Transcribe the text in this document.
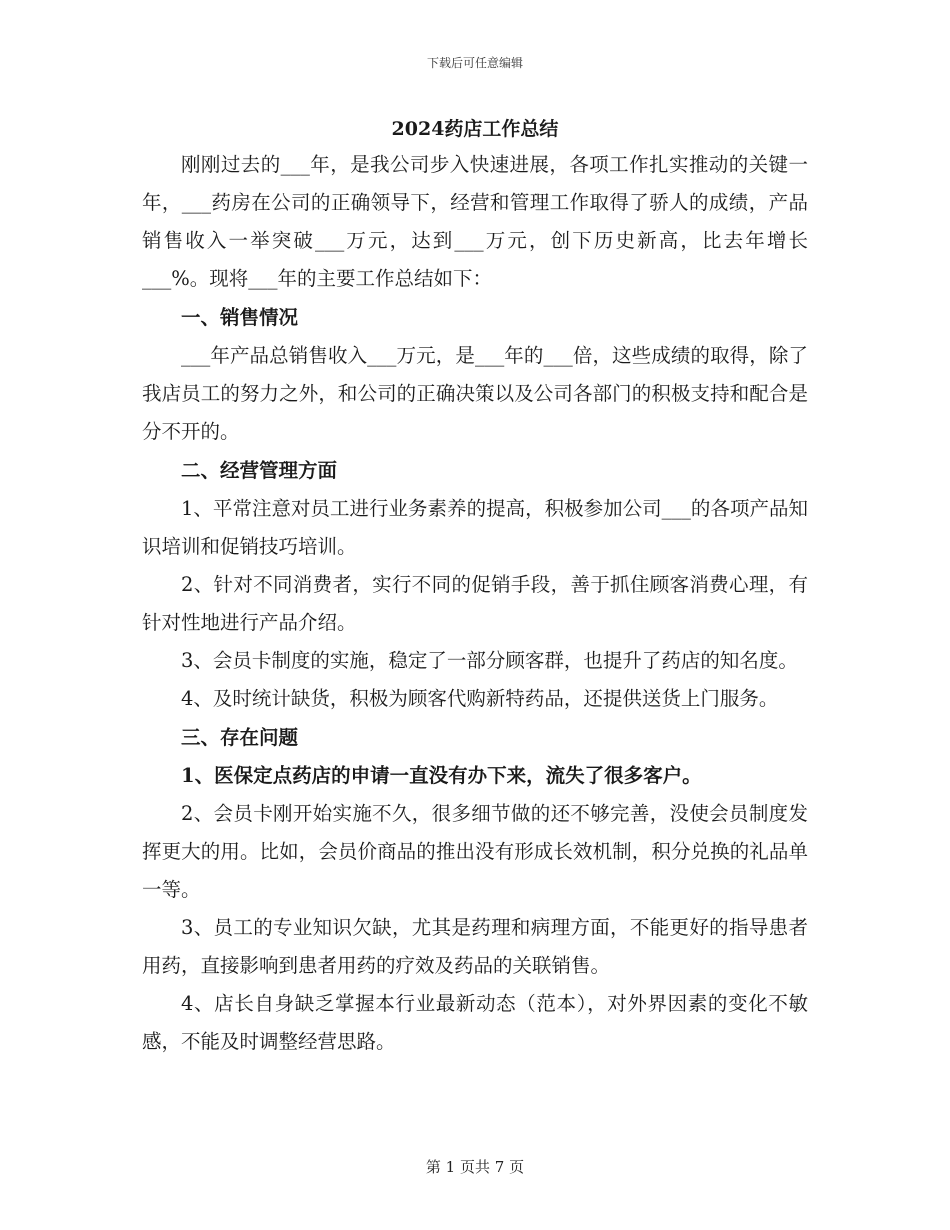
下载后可任意编辑
2024药店工作总结

刚刚过去的___年，是我公司步入快速进展，各项工作扎实推动的关键一年，___药房在公司的正确领导下，经营和管理工作取得了骄人的成绩，产品销售收入一举突破___万元，达到___万元，创下历史新高，比去年增长___%。现将___年的主要工作总结如下：

一、销售情况

___年产品总销售收入___万元，是___年的___倍，这些成绩的取得，除了我店员工的努力之外，和公司的正确决策以及公司各部门的积极支持和配合是分不开的。

二、经营管理方面

1、平常注意对员工进行业务素养的提高，积极参加公司___的各项产品知识培训和促销技巧培训。

2、针对不同消费者，实行不同的促销手段，善于抓住顾客消费心理，有针对性地进行产品介绍。

3、会员卡制度的实施，稳定了一部分顾客群，也提升了药店的知名度。

4、及时统计缺货，积极为顾客代购新特药品，还提供送货上门服务。

三、存在问题

1、医保定点药店的申请一直没有办下来，流失了很多客户。

2、会员卡刚开始实施不久，很多细节做的还不够完善，没使会员制度发挥更大的用。比如，会员价商品的推出没有形成长效机制，积分兑换的礼品单一等。

3、员工的专业知识欠缺，尤其是药理和病理方面，不能更好的指导患者用药，直接影响到患者用药的疗效及药品的关联销售。

4、店长自身缺乏掌握本行业最新动态（范本），对外界因素的变化不敏感，不能及时调整经营思路。

第 1 页共 7 页
